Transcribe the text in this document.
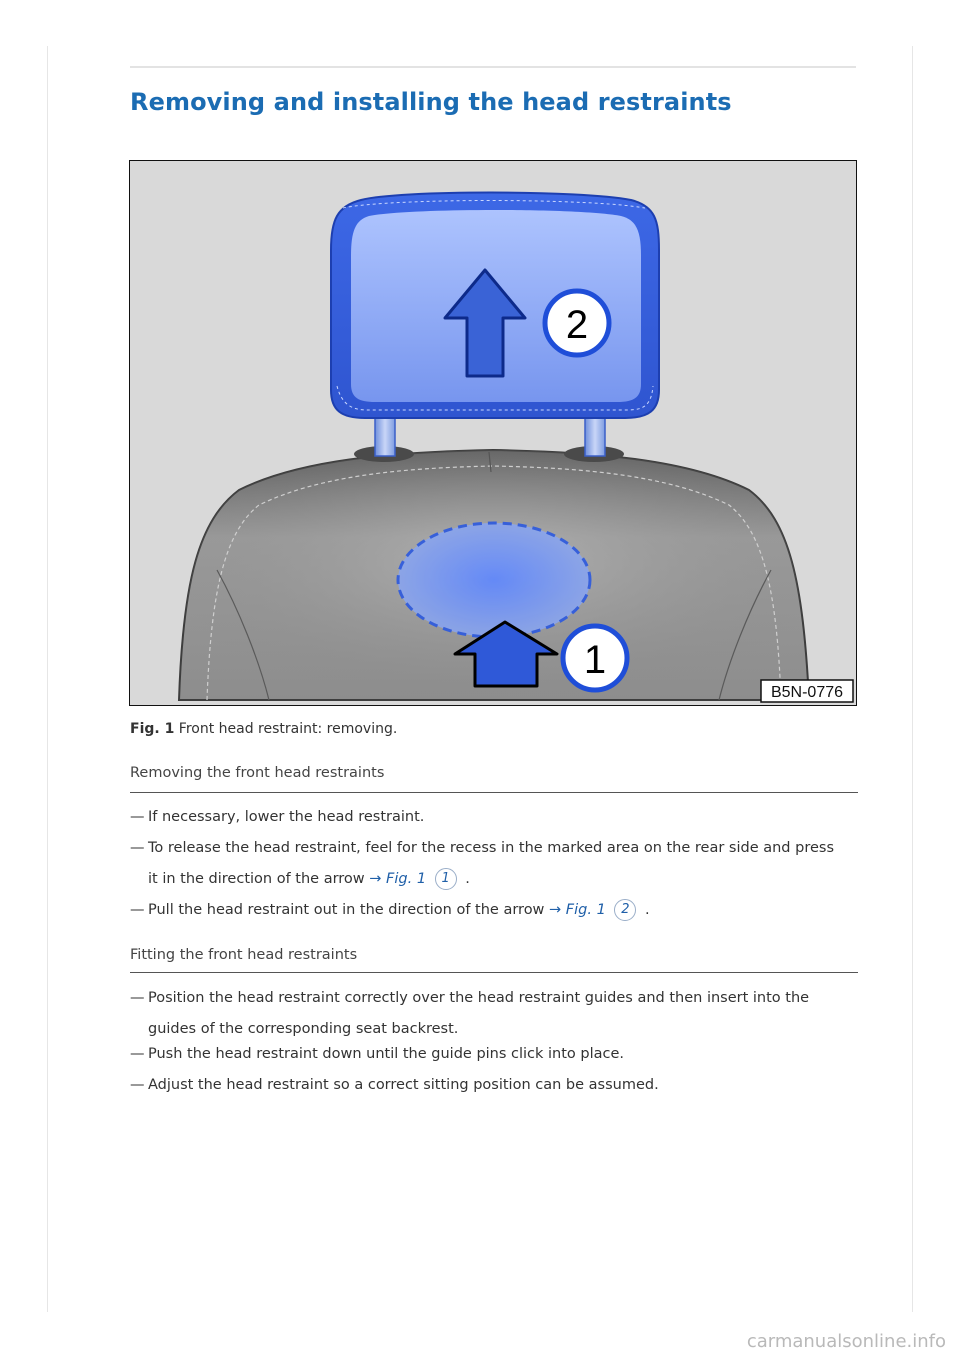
Removing and installing the head restraints
2
1
B5N-0776
Fig. 1 Front head restraint: removing.
Removing the front head restraints
— If necessary, lower the head restraint.
— To release the head restraint, feel for the recess in the marked area on the rear side and press
it in the direction of the arrow → Fig. 1 1 .
— Pull the head restraint out in the direction of the arrow → Fig. 1 2 .
Fitting the front head restraints
— Position the head restraint correctly over the head restraint guides and then insert into the
guides of the corresponding seat backrest.
— Push the head restraint down until the guide pins click into place.
— Adjust the head restraint so a correct sitting position can be assumed.
carmanualsonline.info
